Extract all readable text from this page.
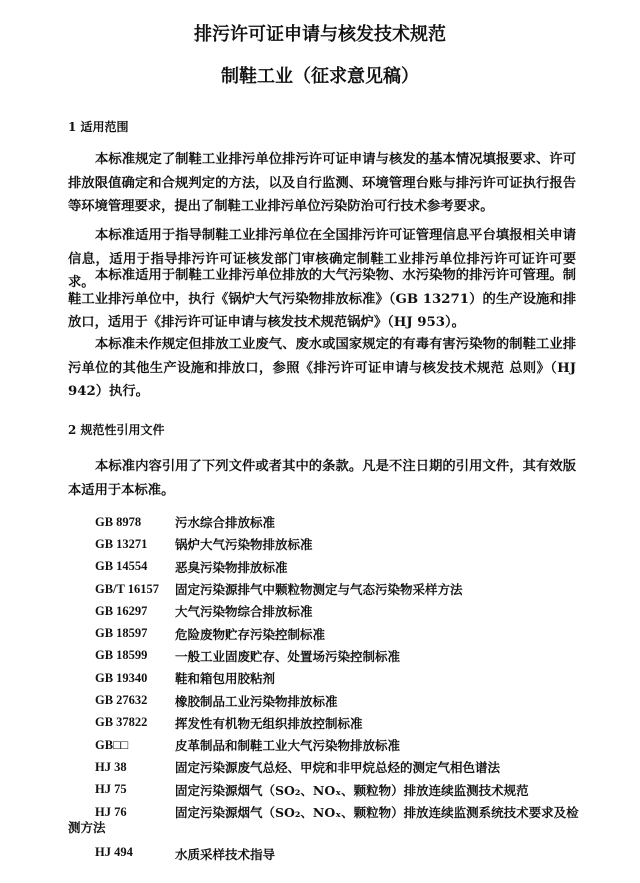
排污许可证申请与核发技术规范
制鞋工业（征求意见稿）
1 适用范围
本标准规定了制鞋工业排污单位排污许可证申请与核发的基本情况填报要求、许可排放限值确定和合规判定的方法，以及自行监测、环境管理台账与排污许可证执行报告等环境管理要求，提出了制鞋工业排污单位污染防治可行技术参考要求。
本标准适用于指导制鞋工业排污单位在全国排污许可证管理信息平台填报相关申请信息，适用于指导排污许可证核发部门审核确定制鞋工业排污单位排污许可证许可要求。 本标准适用于制鞋工业排污单位排放的大气污染物、水污染物的排污许可管理。制鞋工业排污单位中，执行《锅炉大气污染物排放标准》（GB 13271）的生产设施和排放口，适用于《排污许可证申请与核发技术规范锅炉》（HJ 953）。
本标准未作规定但排放工业废气、废水或国家规定的有毒有害污染物的制鞋工业排污单位的其他生产设施和排放口，参照《排污许可证申请与核发技术规范 总则》（HJ 942）执行。
2 规范性引用文件
本标准内容引用了下列文件或者其中的条款。凡是不注日期的引用文件，其有效版本适用于本标准。
GB 8978	污水综合排放标准
GB 13271	锅炉大气污染物排放标准
GB 14554	恶臭污染物排放标准
GB/T 16157	固定污染源排气中颗粒物测定与气态污染物采样方法
GB 16297	大气污染物综合排放标准
GB 18597	危险废物贮存污染控制标准
GB 18599	一般工业固废贮存、处置场污染控制标准
GB 19340	鞋和箱包用胶粘剂
GB 27632	橡胶制品工业污染物排放标准
GB 37822	挥发性有机物无组织排放控制标准
GB□□	皮革制品和制鞋工业大气污染物排放标准
HJ 38	固定污染源废气总烃、甲烷和非甲烷总烃的测定气相色谱法
HJ 75	固定污染源烟气（SO₂、NOₓ、颗粒物）排放连续监测技术规范
HJ 76	固定污染源烟气（SO₂、NOₓ、颗粒物）排放连续监测系统技术要求及检
测方法
HJ 494	水质采样技术指导
